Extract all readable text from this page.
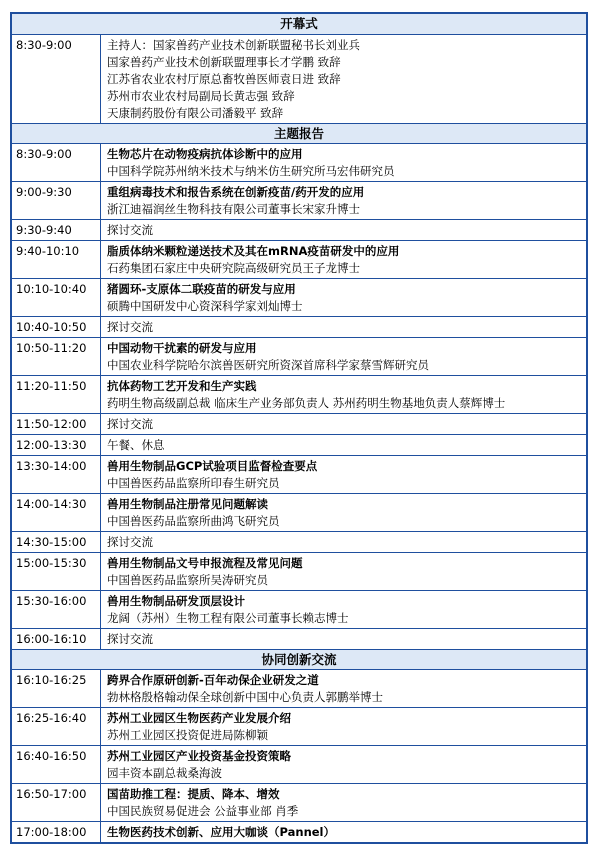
开幕式
8:30-9:00	主持人：国家兽药产业技术创新联盟秘书长刘业兵
国家兽药产业技术创新联盟理事长才学鹏 致辞
江苏省农业农村厅原总畜牧兽医师袁日进 致辞
苏州市农业农村局副局长黄志强 致辞
天康制药股份有限公司潘毅平 致辞
主题报告
8:30-9:00	生物芯片在动物疫病抗体诊断中的应用
中国科学院苏州纳米技术与纳米仿生研究所马宏伟研究员
9:00-9:30	重组病毒技术和报告系统在创新疫苗/药开发的应用
浙江迪福润丝生物科技有限公司董事长宋家升博士
9:30-9:40	探讨交流
9:40-10:10	脂质体纳米颗粒递送技术及其在mRNA疫苗研发中的应用
石药集团石家庄中央研究院高级研究员王子龙博士
10:10-10:40	猪圆环-支原体二联疫苗的研发与应用
硕腾中国研发中心资深科学家刘灿博士
10:40-10:50	探讨交流
10:50-11:20	中国动物干扰素的研发与应用
中国农业科学院哈尔滨兽医研究所资深首席科学家蔡雪辉研究员
11:20-11:50	抗体药物工艺开发和生产实践
药明生物高级副总裁 临床生产业务部负责人 苏州药明生物基地负责人蔡辉博士
11:50-12:00	探讨交流
12:00-13:30	午餐、休息
13:30-14:00	兽用生物制品GCP试验项目监督检查要点
中国兽医药品监察所印春生研究员
14:00-14:30	兽用生物制品注册常见问题解读
中国兽医药品监察所曲鸿飞研究员
14:30-15:00	探讨交流
15:00-15:30	兽用生物制品文号申报流程及常见问题
中国兽医药品监察所吴涛研究员
15:30-16:00	兽用生物制品研发顶层设计
龙阔（苏州）生物工程有限公司董事长赖志博士
16:00-16:10	探讨交流
协同创新交流
16:10-16:25	跨界合作原研创新-百年动保企业研发之道
勃林格殷格翰动保全球创新中国中心负责人郭鹏举博士
16:25-16:40	苏州工业园区生物医药产业发展介绍
苏州工业园区投资促进局陈柳颖
16:40-16:50	苏州工业园区产业投资基金投资策略
园丰资本副总裁桑海波
16:50-17:00	国苗助推工程：提质、降本、增效
中国民族贸易促进会 公益事业部 肖季
17:00-18:00	生物医药技术创新、应用大咖谈（Pannel）
